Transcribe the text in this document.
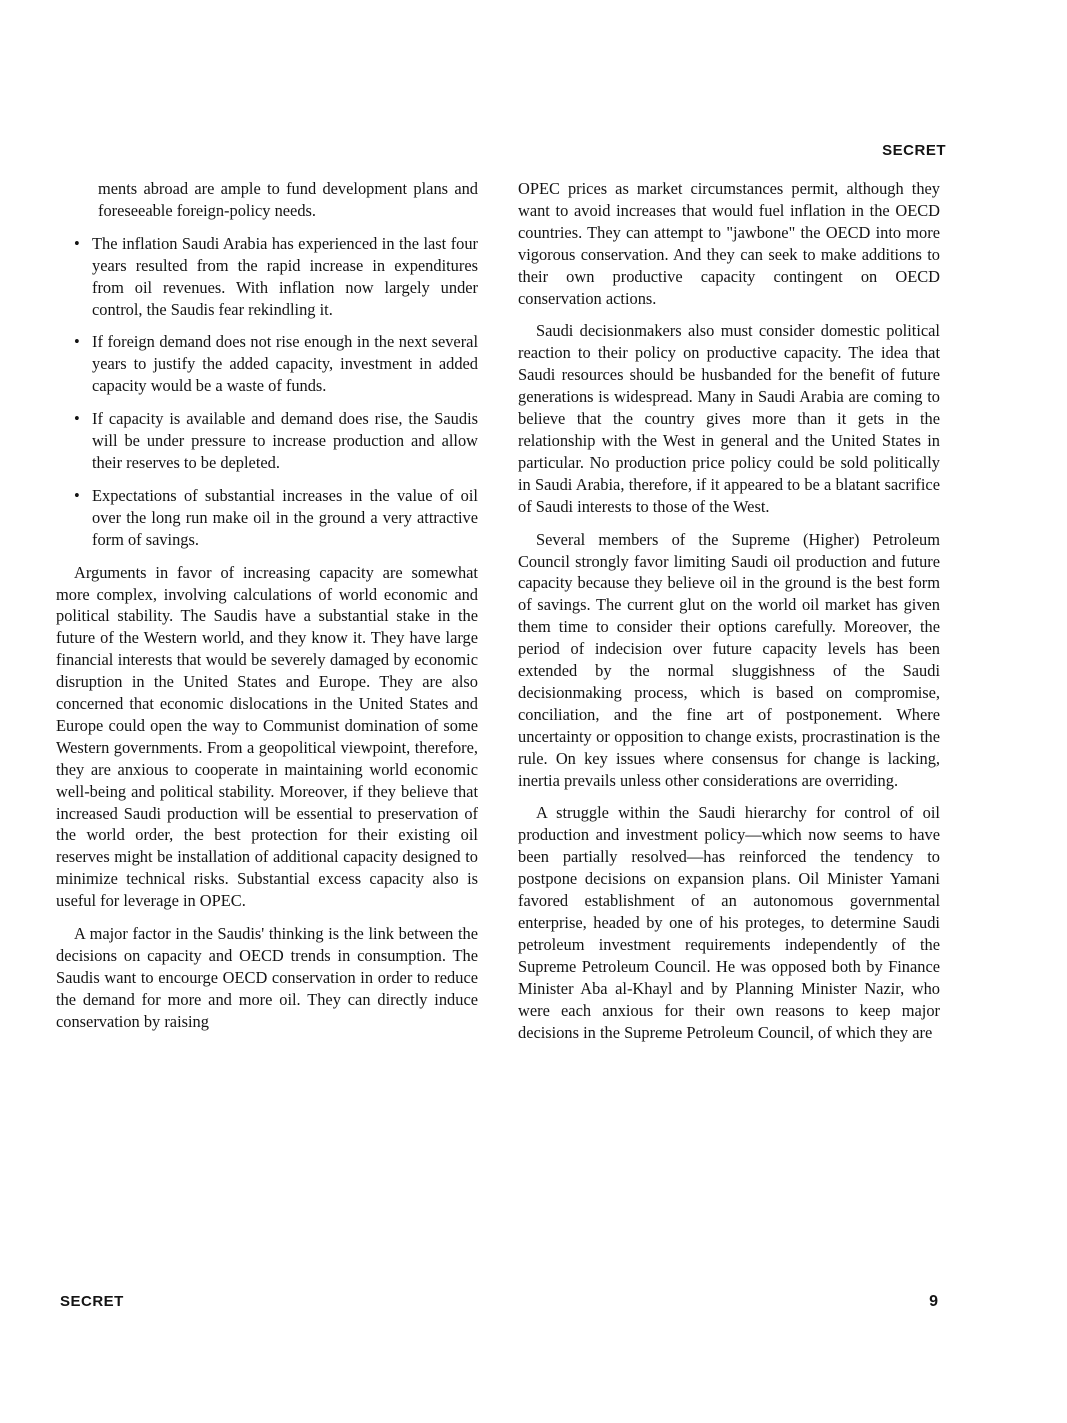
SECRET

ments abroad are ample to fund development plans and foreseeable foreign-policy needs.

• The inflation Saudi Arabia has experienced in the last four years resulted from the rapid increase in expenditures from oil revenues. With inflation now largely under control, the Saudis fear rekindling it.
• If foreign demand does not rise enough in the next several years to justify the added capacity, investment in added capacity would be a waste of funds.
• If capacity is available and demand does rise, the Saudis will be under pressure to increase production and allow their reserves to be depleted.
• Expectations of substantial increases in the value of oil over the long run make oil in the ground a very attractive form of savings.

Arguments in favor of increasing capacity are somewhat more complex, involving calculations of world economic and political stability. The Saudis have a substantial stake in the future of the Western world, and they know it. They have large financial interests that would be severely damaged by economic disruption in the United States and Europe. They are also concerned that economic dislocations in the United States and Europe could open the way to Communist domination of some Western governments. From a geopolitical viewpoint, therefore, they are anxious to cooperate in maintaining world economic well-being and political stability. Moreover, if they believe that increased Saudi production will be essential to preservation of the world order, the best protection for their existing oil reserves might be installation of additional capacity designed to minimize technical risks. Substantial excess capacity also is useful for leverage in OPEC.

A major factor in the Saudis' thinking is the link between the decisions on capacity and OECD trends in consumption. The Saudis want to encourge OECD conservation in order to reduce the demand for more and more oil. They can directly induce conservation by raising

OPEC prices as market circumstances permit, although they want to avoid increases that would fuel inflation in the OECD countries. They can attempt to "jawbone" the OECD into more vigorous conservation. And they can seek to make additions to their own productive capacity contingent on OECD conservation actions.

Saudi decisionmakers also must consider domestic political reaction to their policy on productive capacity. The idea that Saudi resources should be husbanded for the benefit of future generations is widespread. Many in Saudi Arabia are coming to believe that the country gives more than it gets in the relationship with the West in general and the United States in particular. No production price policy could be sold politically in Saudi Arabia, therefore, if it appeared to be a blatant sacrifice of Saudi interests to those of the West.

Several members of the Supreme (Higher) Petroleum Council strongly favor limiting Saudi oil production and future capacity because they believe oil in the ground is the best form of savings. The current glut on the world oil market has given them time to consider their options carefully. Moreover, the period of indecision over future capacity levels has been extended by the normal sluggishness of the Saudi decisionmaking process, which is based on compromise, conciliation, and the fine art of postponement. Where uncertainty or opposition to change exists, procrastination is the rule. On key issues where consensus for change is lacking, inertia prevails unless other considerations are overriding.

A struggle within the Saudi hierarchy for control of oil production and investment policy—which now seems to have been partially resolved—has reinforced the tendency to postpone decisions on expansion plans. Oil Minister Yamani favored establishment of an autonomous governmental enterprise, headed by one of his proteges, to determine Saudi petroleum investment requirements independently of the Supreme Petroleum Council. He was opposed both by Finance Minister Aba al-Khayl and by Planning Minister Nazir, who were each anxious for their own reasons to keep major decisions in the Supreme Petroleum Council, of which they are

SECRET	9
